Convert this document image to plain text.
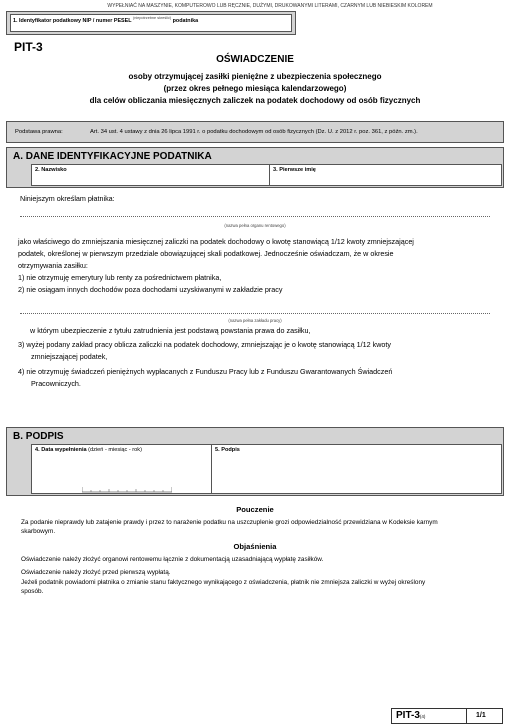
WYPEŁNIAĆ NA MASZYNIE, KOMPUTEROWO LUB RĘCZNIE, DUŻYMI, DRUKOWANYMI LITERAMI, CZARNYM LUB NIEBIESKIM KOLOREM
1. Identyfikator podatkowy NIP / numer PESEL $^{(niepotrzebne skreślić)}$ podatnika
PIT-3
OŚWIADCZENIE
osoby otrzymującej zasiłki pieniężne z ubezpieczenia społecznego
(przez okres pełnego miesiąca kalendarzowego)
dla celów obliczania miesięcznych zaliczek na podatek dochodowy od osób fizycznych
Podstawa prawna:	Art. 34 ust. 4 ustawy z dnia 26 lipca 1991 r. o podatku dochodowym od osób fizycznych (Dz. U. z 2012 r. poz. 361, z późn. zm.).
A. DANE IDENTYFIKACYJNE PODATNIKA
2. Nazwisko	3. Pierwsze imię
Niniejszym określam płatnika:
(nazwa pełna organu rentowego)
jako właściwego do zmniejszania miesięcznej zaliczki na podatek dochodowy o kwotę stanowiącą 1/12 kwoty zmniejszającej
podatek, określonej w pierwszym przedziale obowiązującej skali podatkowej. Jednocześnie oświadczam, że w okresie
otrzymywania zasiłku:
1) nie otrzymuję emerytury lub renty za pośrednictwem płatnika,
2) nie osiągam innych dochodów poza dochodami uzyskiwanymi w zakładzie pracy
(nazwa pełna zakładu pracy)
w którym ubezpieczenie z tytułu zatrudnienia jest podstawą powstania prawa do zasiłku,
3) wyżej podany zakład pracy oblicza zaliczki na podatek dochodowy, zmniejszając je o kwotę stanowiącą 1/12 kwoty
zmniejszającej podatek,
4) nie otrzymuję świadczeń pieniężnych wypłacanych z Funduszu Pracy lub z Funduszu Gwarantowanych Świadczeń
Pracowniczych.
B. PODPIS
4. Data wypełnienia (dzień - miesiąc - rok)	5. Podpis
Pouczenie
Za podanie nieprawdy lub zatajenie prawdy i przez to narażenie podatku na uszczuplenie grozi odpowiedzialność przewidziana w Kodeksie karnym
skarbowym.
Objaśnienia
Oświadczenie należy złożyć organowi rentowemu łącznie z dokumentacją uzasadniającą wypłatę zasiłków.
Oświadczenie należy złożyć przed pierwszą wypłatą.
Jeżeli podatnik powiadomi płatnika o zmianie stanu faktycznego wynikającego z oświadczenia, płatnik nie zmniejsza zaliczki w wyżej określony
sposób.
PIT-3(4)	1/1
